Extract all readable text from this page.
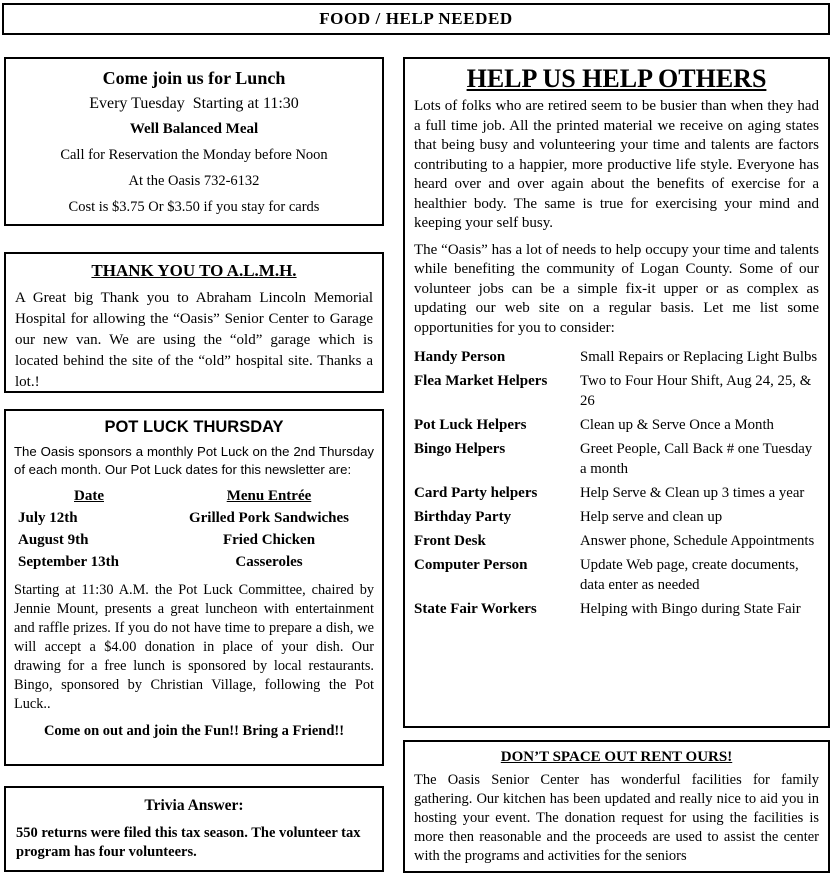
FOOD / HELP NEEDED
Come join us for Lunch
Every Tuesday  Starting at 11:30
Well Balanced Meal
Call for Reservation the Monday before Noon
At the Oasis 732-6132
Cost is $3.75 Or $3.50 if you stay for cards
THANK YOU TO A.L.M.H.
A Great big Thank you to Abraham Lincoln Memorial Hospital for allowing the “Oasis” Senior Center to Garage our new van. We are using the “old” garage which is located behind the site of the “old” hospital site. Thanks a lot.!
POT LUCK THURSDAY
The Oasis sponsors a monthly Pot Luck on the 2nd Thursday of each month. Our Pot Luck dates for this newsletter are:
Date	Menu Entrée
July 12th	Grilled Pork Sandwiches
August 9th	Fried Chicken
September 13th	Casseroles
Starting at 11:30 A.M. the Pot Luck Committee, chaired by Jennie Mount, presents a great luncheon with entertainment and raffle prizes. If you do not have time to prepare a dish, we will accept a $4.00 donation in place of your dish. Our drawing for a free lunch is sponsored by local restaurants. Bingo, sponsored by Christian Village, following the Pot Luck..
Come on out and join the Fun!! Bring a Friend!!
Trivia Answer:
550 returns were filed this tax season. The volunteer tax program has four volunteers.
HELP US HELP OTHERS
Lots of folks who are retired seem to be busier than when they had a full time job. All the printed material we receive on aging states that being busy and volunteering your time and talents are factors contributing to a happier, more productive life style. Everyone has heard over and over again about the benefits of exercise for a healthier body. The same is true for exercising your mind and keeping your self busy.
The “Oasis” has a lot of needs to help occupy your time and talents while benefiting the community of Logan County. Some of our volunteer jobs can be a simple fix-it upper or as complex as updating our web site on a regular basis. Let me list some opportunities for you to consider:
Handy Person	Small Repairs or Replacing Light Bulbs
Flea Market Helpers	Two to Four Hour Shift, Aug 24, 25, & 26
Pot Luck Helpers	Clean up & Serve Once a Month
Bingo Helpers	Greet People, Call Back # one Tuesday a month
Card Party helpers	Help Serve & Clean up 3 times a year
Birthday Party	Help serve and clean up
Front Desk	Answer phone, Schedule Appointments
Computer Person	Update Web page, create documents, data enter as needed
State Fair Workers	Helping with Bingo during State Fair
DON’T SPACE OUT RENT OURS!
The Oasis Senior Center has wonderful facilities for family gathering. Our kitchen has been updated and really nice to aid you in hosting your event. The donation request for using the facilities is more then reasonable and the proceeds are used to assist the center with the programs and activities for the seniors
